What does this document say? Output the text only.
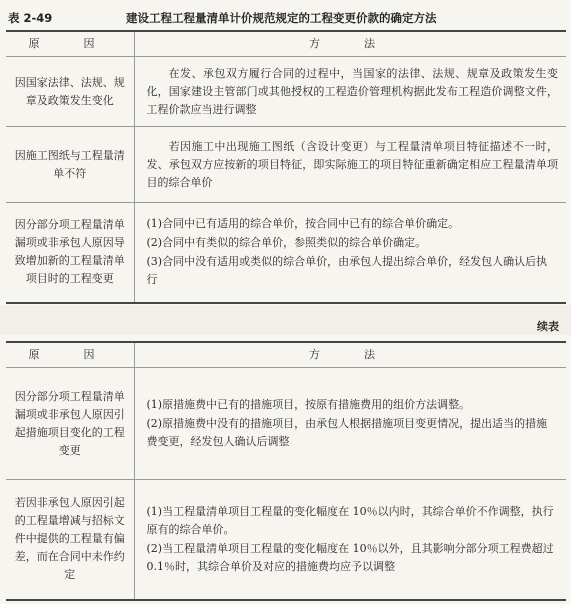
表 2-49	建设工程工程量清单计价规范规定的工程变更价款的确定方法
原　因	方　法
因国家法律、法规、规章及政策发生变化	在发、承包双方履行合同的过程中，当国家的法律、法规、规章及政策发生变化，国家建设主管部门或其他授权的工程造价管理机构据此发布工程造价调整文件，工程价款应当进行调整

因施工图纸与工程量清单不符	若因施工中出现施工图纸（含设计变更）与工程量清单项目特征描述不一时，发、承包双方应按新的项目特征，即实际施工的项目特征重新确定相应工程量清单项目的综合单价

因分部分项工程量清单漏项或非承包人原因导致增加新的工程量清单项目时的工程变更	(1)合同中已有适用的综合单价，按合同中已有的综合单价确定。
(2)合同中有类似的综合单价，参照类似的综合单价确定。
(3)合同中没有适用或类似的综合单价，由承包人提出综合单价，经发包人确认后执行
续表
原　因	方　法
因分部分项工程量清单漏项或非承包人原因引起措施项目变化的工程变更	(1)原措施费中已有的措施项目，按原有措施费用的组价方法调整。
(2)原措施费中没有的措施项目，由承包人根据措施项目变更情况，提出适当的措施费变更，经发包人确认后调整

若因非承包人原因引起的工程量增减与招标文件中提供的工程量有偏差，而在合同中未作约定	(1)当工程量清单项目工程量的变化幅度在 10％以内时，其综合单价不作调整，执行原有的综合单价。
(2)当工程量清单项目工程量的变化幅度在 10％以外，且其影响分部分项工程费超过 0.1％时，其综合单价及对应的措施费均应予以调整
